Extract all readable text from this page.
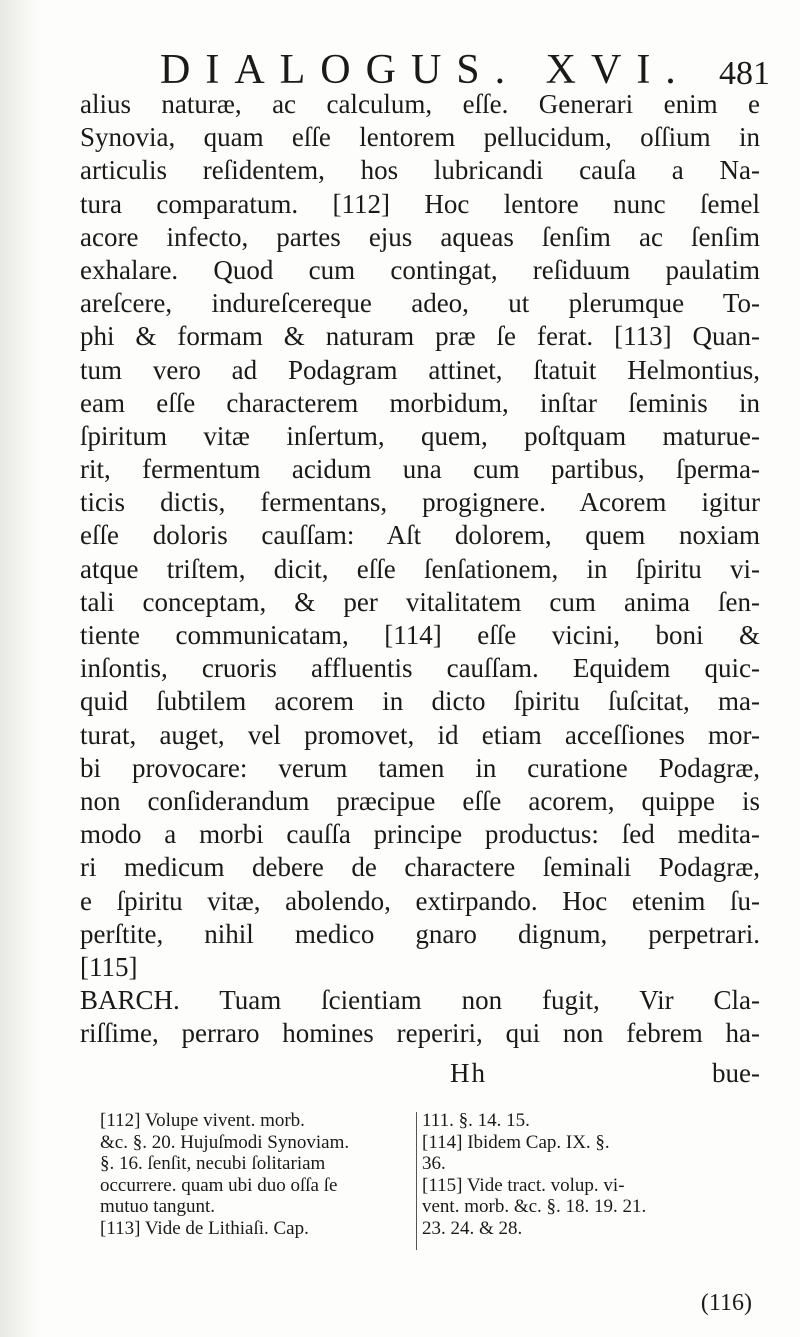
DIALOGUS. XVI. 481
alius naturæ, ac calculum, eſſe. Generari enim e
Synovia, quam eſſe lentorem pellucidum, oſſium in
articulis reſidentem, hos lubricandi cauſa a Na-
tura comparatum. [112] Hoc lentore nunc ſemel
acore infecto, partes ejus aqueas ſenſim ac ſenſim
exhalare. Quod cum contingat, reſiduum paulatim
areſcere, indureſcereque adeo, ut plerumque To-
phi & formam & naturam præ ſe ferat. [113] Quan-
tum vero ad Podagram attinet, ſtatuit Helmontius,
eam eſſe characterem morbidum, inſtar ſeminis in
ſpiritum vitæ inſertum, quem, poſtquam maturue-
rit, fermentum acidum una cum partibus, ſperma-
ticis dictis, fermentans, progignere. Acorem igitur
eſſe doloris cauſſam: Aſt dolorem, quem noxiam
atque triſtem, dicit, eſſe ſenſationem, in ſpiritu vi-
tali conceptam, & per vitalitatem cum anima ſen-
tiente communicatam, [114] eſſe vicini, boni &
inſontis, cruoris affluentis cauſſam. Equidem quic-
quid ſubtilem acorem in dicto ſpiritu ſuſcitat, ma-
turat, auget, vel promovet, id etiam acceſſiones mor-
bi provocare: verum tamen in curatione Podagræ,
non conſiderandum præcipue eſſe acorem, quippe is
modo a morbi cauſſa principe productus: ſed medita-
ri medicum debere de charactere ſeminali Podagræ,
e ſpiritu vitæ, abolendo, extirpando. Hoc etenim ſu-
perſtite, nihil medico gnaro dignum, perpetrari.
[115]
BARCH. Tuam ſcientiam non fugit, Vir Cla-
riſſime, perraro homines reperiri, qui non febrem ha-
Hh	bue-
[112] Volupe vivent. morb.
&c. §. 20. Hujuſmodi Synoviam.
§. 16. ſenſit, necubi ſolitariam
occurrere. quam ubi duo oſſa ſe
mutuo tangunt.
[113] Vide de Lithiaſi. Cap.
111. §. 14. 15.
[114] Ibidem Cap. IX. §.
36.
[115] Vide tract. volup. vi-
vent. morb. &c. §. 18. 19. 21.
23. 24. & 28.
(116)
